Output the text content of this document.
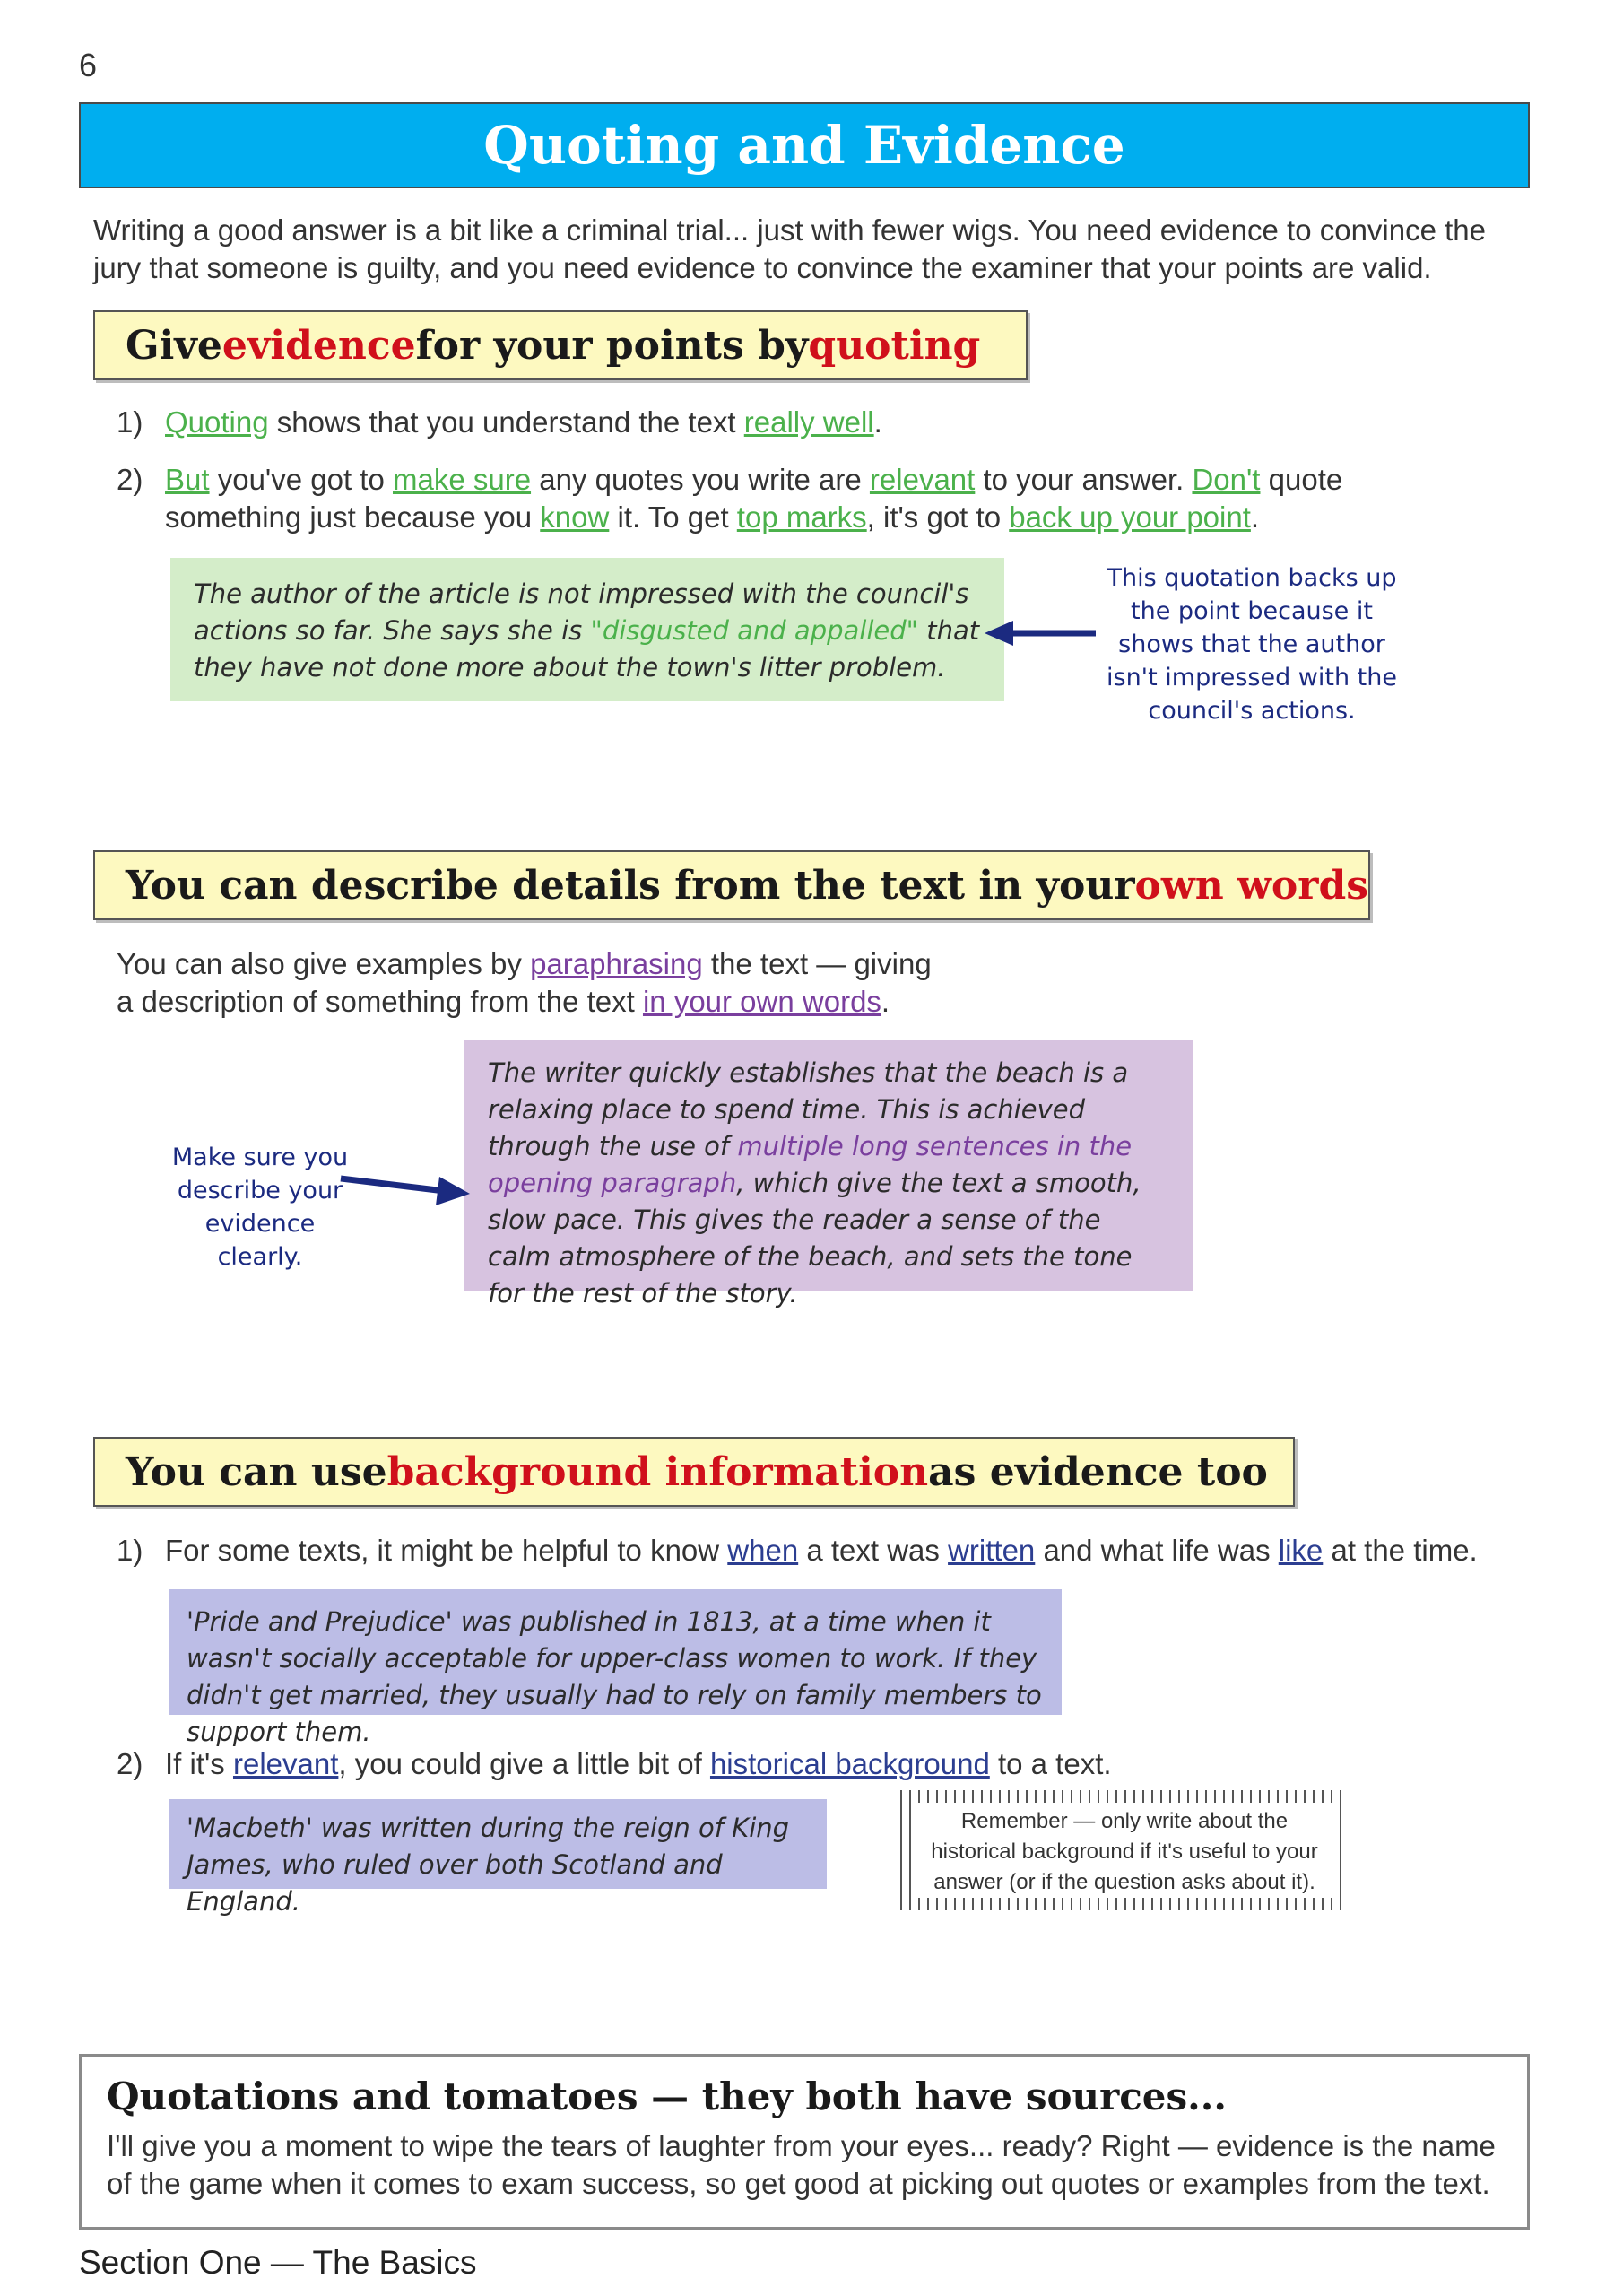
6
Quoting and Evidence
Writing a good answer is a bit like a criminal trial... just with fewer wigs. You need evidence to convince the jury that someone is guilty, and you need evidence to convince the examiner that your points are valid.
Give evidence for your points by quoting
1) Quoting shows that you understand the text really well.
2) But you've got to make sure any quotes you write are relevant to your answer. Don't quote something just because you know it. To get top marks, it's got to back up your point.
The author of the article is not impressed with the council's actions so far. She says she is "disgusted and appalled" that they have not done more about the town's litter problem.
This quotation backs up the point because it shows that the author isn't impressed with the council's actions.
You can describe details from the text in your own words
You can also give examples by paraphrasing the text — giving a description of something from the text in your own words.
The writer quickly establishes that the beach is a relaxing place to spend time. This is achieved through the use of multiple long sentences in the opening paragraph, which give the text a smooth, slow pace. This gives the reader a sense of the calm atmosphere of the beach, and sets the tone for the rest of the story.
Make sure you describe your evidence clearly.
You can use background information as evidence too
1) For some texts, it might be helpful to know when a text was written and what life was like at the time.
'Pride and Prejudice' was published in 1813, at a time when it wasn't socially acceptable for upper-class women to work. If they didn't get married, they usually had to rely on family members to support them.
2) If it's relevant, you could give a little bit of historical background to a text.
'Macbeth' was written during the reign of King James, who ruled over both Scotland and England.
Remember — only write about the historical background if it's useful to your answer (or if the question asks about it).
Quotations and tomatoes — they both have sources...

I'll give you a moment to wipe the tears of laughter from your eyes... ready? Right — evidence is the name of the game when it comes to exam success, so get good at picking out quotes or examples from the text.

Section One — The Basics
